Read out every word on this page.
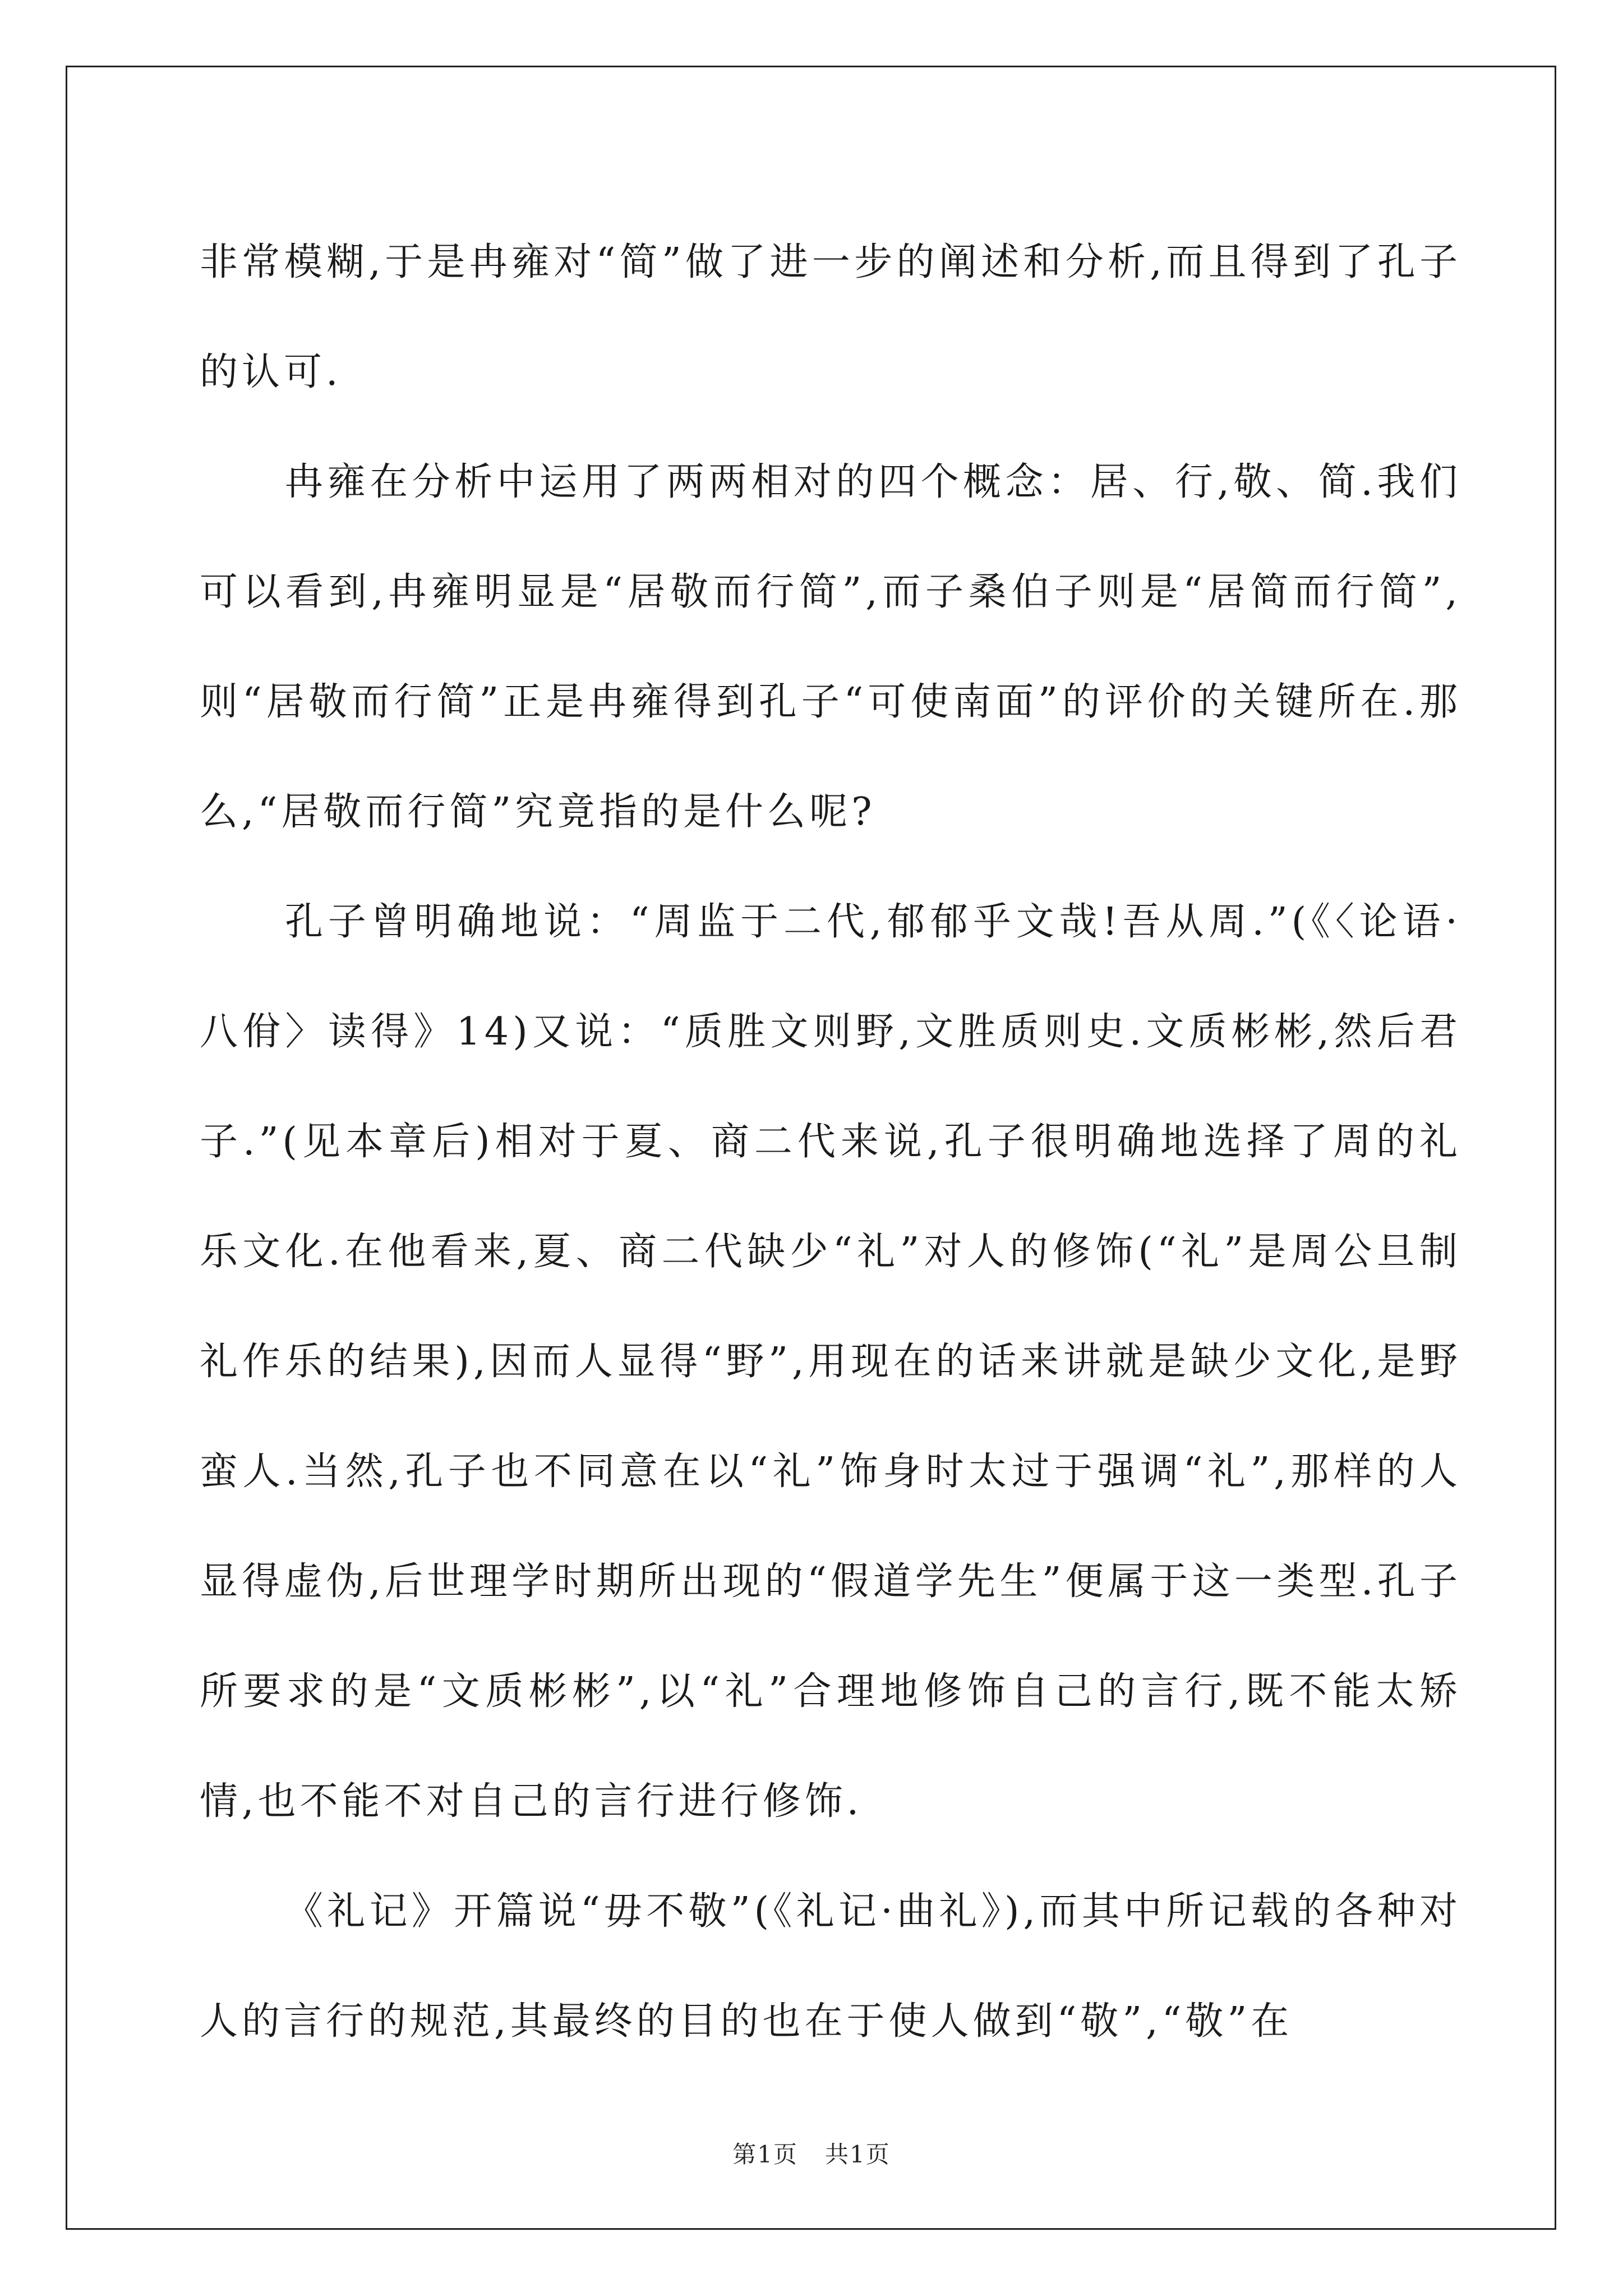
非常模糊,于是冉雍对“简”做了进一步的阐述和分析,而且得到了孔子的认可.

冉雍在分析中运用了两两相对的四个概念：居、行,敬、简.我们可以看到,冉雍明显是“居敬而行简”,而子桑伯子则是“居简而行简”,则“居敬而行简”正是冉雍得到孔子“可使南面”的评价的关键所在.那么,“居敬而行简”究竟指的是什么呢?

孔子曾明确地说：“周监于二代,郁郁乎文哉!吾从周.”(《〈论语·八佾〉读得》14)又说：“质胜文则野,文胜质则史.文质彬彬,然后君子.”(见本章后)相对于夏、商二代来说,孔子很明确地选择了周的礼乐文化.在他看来,夏、商二代缺少“礼”对人的修饰(“礼”是周公旦制礼作乐的结果),因而人显得“野”,用现在的话来讲就是缺少文化,是野蛮人.当然,孔子也不同意在以“礼”饰身时太过于强调“礼”,那样的人显得虚伪,后世理学时期所出现的“假道学先生”便属于这一类型.孔子所要求的是“文质彬彬”,以“礼”合理地修饰自己的言行,既不能太矫情,也不能不对自己的言行进行修饰.

《礼记》开篇说“毋不敬”(《礼记·曲礼》),而其中所记载的各种对人的言行的规范,其最终的目的也在于使人做到“敬”,“敬”在

第1页 共1页
